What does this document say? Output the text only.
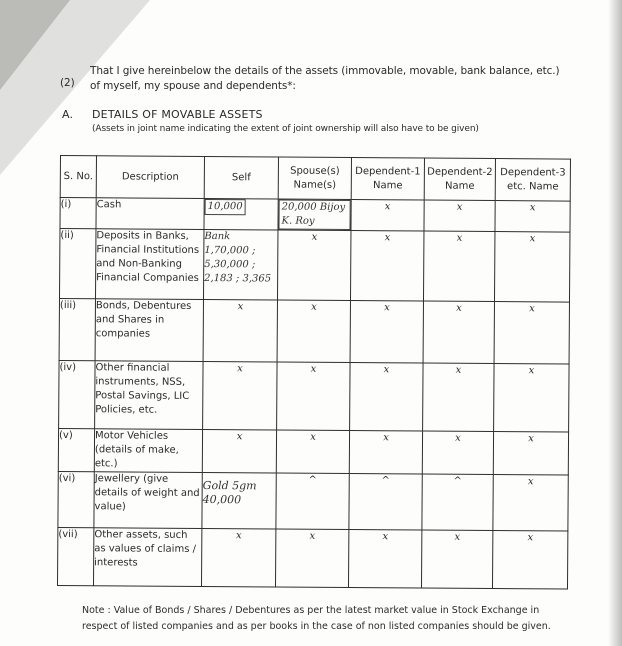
(2)
That I give hereinbelow the details of the assets (immovable, movable, bank balance, etc.) of myself, my spouse and dependents*:
A. DETAILS OF MOVABLE ASSETS
(Assets in joint name indicating the extent of joint ownership will also have to be given)
S. No.	Description	Self	Spouse(s) Name(s)	Dependent-1 Name	Dependent-2 Name	Dependent-3 etc. Name
(i)	Cash	10,000	20,000 Bijoy K. Roy	x	x	x
(ii)	Deposits in Banks, Financial Institutions and Non-Banking Financial Companies	Bank 1,70,000 ; 5,30,000 ; 2,183 ; 3,365	x	x	x	x
(iii)	Bonds, Debentures and Shares in companies	x	x	x	x	x
(iv)	Other financial instruments, NSS, Postal Savings, LIC Policies, etc.	x	x	x	x	x
(v)	Motor Vehicles (details of make, etc.)	x	x	x	x	x
(vi)	Jewellery (give details of weight and value)	Gold 5gm 40,000	^	^	^	x
(vii)	Other assets, such as values of claims / interests	x	x	x	x	x
Note : Value of Bonds / Shares / Debentures as per the latest market value in Stock Exchange in respect of listed companies and as per books in the case of non listed companies should be given.
